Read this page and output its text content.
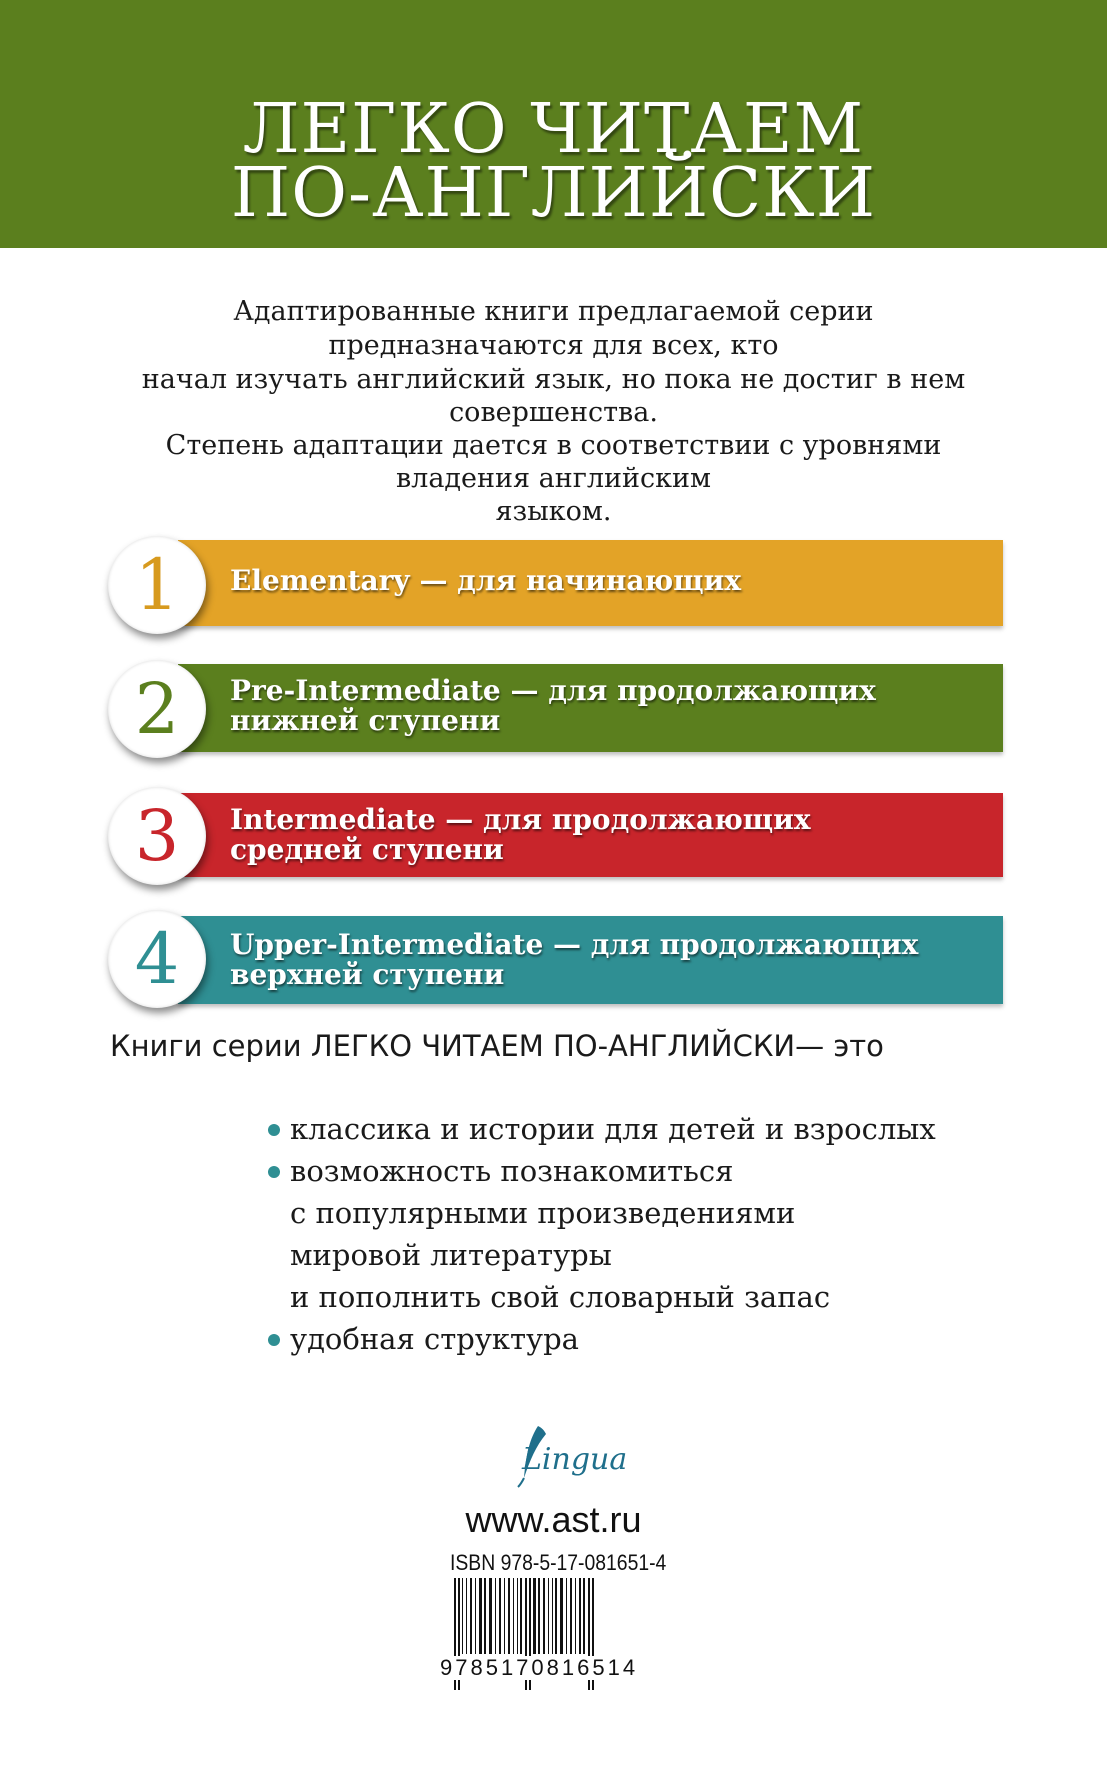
ЛЕГКО ЧИТАЕМ
ПО-АНГЛИЙСКИ
Адаптированные книги предлагаемой серии
предназначаются для всех, кто
начал изучать английский язык, но пока не достиг в нем
совершенства.
Степень адаптации дается в соответствии с уровнями
владения английским
языком.
1	Elementary — для начинающих
2	Pre-Intermediate — для продолжающих
нижней ступени
3	Intermediate — для продолжающих
средней ступени
4	Upper-Intermediate — для продолжающих
верхней ступени
Книги серии ЛЕГКО ЧИТАЕМ ПО-АНГЛИЙСКИ— это
классика и истории для детей и взрослых
возможность познакомиться
с популярными произведениями
мировой литературы
и пополнить свой словарный запас
удобная структура
Lingua
www.ast.ru
ISBN 978-5-17-081651-4
9785170816514
